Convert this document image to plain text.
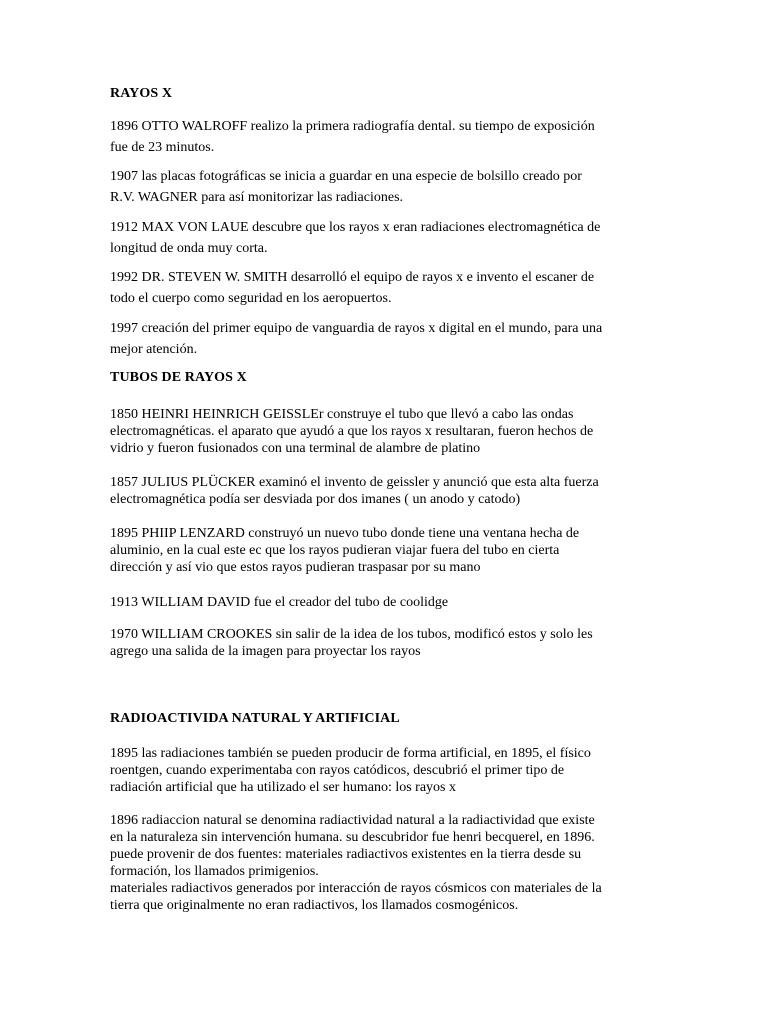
RAYOS X
1896 OTTO WALROFF realizo la primera radiografía dental. su tiempo de exposición
fue de 23 minutos.
1907 las placas fotográficas se inicia a guardar en una especie de bolsillo creado por
R.V. WAGNER para así monitorizar las radiaciones.
1912 MAX VON LAUE descubre que los rayos x eran radiaciones electromagnética de
longitud de onda muy corta.
1992 DR. STEVEN W. SMITH desarrolló el equipo de rayos x e invento el escaner de
todo el cuerpo como seguridad en los aeropuertos.
1997 creación del primer equipo de vanguardia de rayos x digital en el mundo, para una
mejor atención.
TUBOS DE RAYOS X
1850 HEINRI HEINRICH GEISSLEr construye el tubo que llevó a cabo las ondas
electromagnéticas. el aparato que ayudó a que los rayos x resultaran, fueron hechos de
vidrio y fueron fusionados con una terminal de alambre de platino
1857 JULIUS PLÜCKER examinó el invento de geissler y anunció que esta alta fuerza
electromagnética podía ser desviada por dos imanes ( un anodo y catodo)
1895 PHIIP LENZARD construyó un nuevo tubo donde tiene una ventana hecha de
aluminio, en la cual este ec que los rayos pudieran viajar fuera del tubo en cierta
dirección y así vio que estos rayos pudieran traspasar por su mano
1913 WILLIAM DAVID fue el creador del tubo de coolidge
1970 WILLIAM CROOKES sin salir de la idea de los tubos, modificó estos y solo les
agrego una salida de la imagen para proyectar los rayos
RADIOACTIVIDA NATURAL Y ARTIFICIAL
1895 las radiaciones también se pueden producir de forma artificial, en 1895, el físico
roentgen, cuando experimentaba con rayos catódicos, descubrió el primer tipo de
radiación artificial que ha utilizado el ser humano: los rayos x
1896 radiaccion natural se denomina radiactividad natural a la radiactividad que existe
en la naturaleza sin intervención humana. su descubridor fue henri becquerel, en 1896.
puede provenir de dos fuentes: materiales radiactivos existentes en la tierra desde su
formación, los llamados primigenios.
materiales radiactivos generados por interacción de rayos cósmicos con materiales de la
tierra que originalmente no eran radiactivos, los llamados cosmogénicos.
